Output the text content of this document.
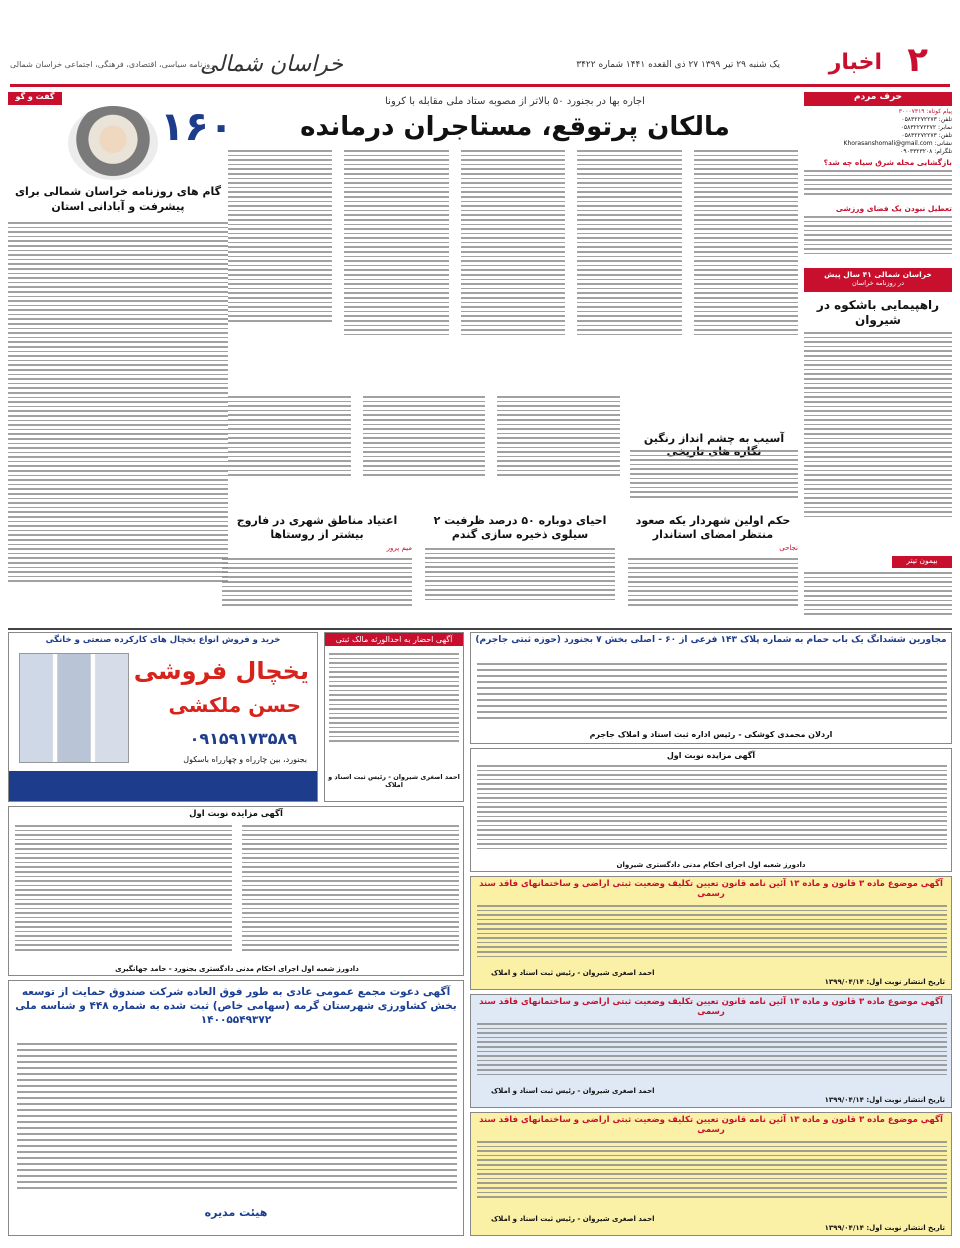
۲
اخبار
یک شنبه ۲۹ تیر ۱۳۹۹ ۲۷ ذی القعده ۱۴۴۱ شماره ۳۴۲۲
خراسان شمالی
روزنامه سیاسی، اقتصادی، فرهنگی، اجتماعی خراسان شمالی
حرف مردم
پیام کوتاه: ۳۰۰۰۷۳۱۹
تلفن: ۰۵۸۳۲۲۷۲۲۷۳
نمابر: ۰۵۸۳۲۲۷۲۲۷۲
تلفن: ۰۵۸۳۲۲۷۲۲۷۳
نشانی: Khorasanshomali@gmail.com
تلگرام: ۰۹۰۳۳۲۳۲۰۸
بازگشایی محله شرق سیاه چه شد؟
تعطیل نبودن یک فضای ورزشی
خراسان شمالی ۴۱ سال پیش
در روزنامه خراسان
راهپیمایی باشکوه در شیروان
بیمون تیتر
اجاره بها در بجنورد ۵۰ بالاتر از مصوبه ستاد ملی مقابله با کرونا
مالکان پرتوقع، مستاجران درمانده
آسیب به چشم انداز رنگین
گفت و گو
۱۶۰
گام های روزنامه خراسان شمالی برای پیشرفت و آبادانی استان
حکم اولین شهردار یکه صعود منتظر امضای استاندار
نجاحی
احیای دوباره ۵۰ درصد ظرفیت ۲ سیلوی ذخیره سازی گندم
اعتیاد مناطق شهری در فاروج بیشتر از روستاها
میم پرور
خرید و فروش انواع یخچال های کارکرده صنعتی و خانگی
یخچال فروشی
حسن ملکشی
۰۹۱۵۹۱۷۳۵۸۹
بجنورد، بین چارراه و چهارراه باسکول
آگهی احضار به احدالورثه مالک ثبتی
احمد اصغری شیروان - رئیس ثبت اسناد و املاک
مجاورین ششدانگ یک باب حمام به شماره پلاک ۱۴۳ فرعی از ۶۰ - اصلی بخش ۷ بجنورد (حوزه ثبتی جاجرم)
اردلان محمدی کوشکی - رئیس اداره ثبت اسناد و املاک جاجرم
آگهی مزایده نوبت اول
دادورز شعبه اول اجرای احکام مدنی دادگستری شیروان
آگهی مزایده نوبت اول
دادورز شعبه اول اجرای احکام مدنی دادگستری بجنورد - حامد جهانگیری
آگهی موضوع ماده ۳ قانون و ماده ۱۳ آئین نامه قانون تعیین تکلیف وضعیت ثبتی اراضی و ساختمانهای فاقد سند رسمی
تاریخ انتشار نوبت اول: ۱۳۹۹/۰۴/۱۴
احمد اصغری شیروان - رئیس ثبت اسناد و املاک
آگهی موضوع ماده ۳ قانون و ماده ۱۳ آئین نامه قانون تعیین تکلیف وضعیت ثبتی اراضی و ساختمانهای فاقد سند رسمی
تاریخ انتشار نوبت اول: ۱۳۹۹/۰۴/۱۴
احمد اصغری شیروان - رئیس ثبت اسناد و املاک
آگهی موضوع ماده ۳ قانون و ماده ۱۳ آئین نامه قانون تعیین تکلیف وضعیت ثبتی اراضی و ساختمانهای فاقد سند رسمی
تاریخ انتشار نوبت اول: ۱۳۹۹/۰۴/۱۴
احمد اصغری شیروان - رئیس ثبت اسناد و املاک
آگهی دعوت مجمع عمومی عادی به طور فوق العاده شرکت صندوق حمایت از توسعه بخش کشاورزی شهرستان گرمه (سهامی خاص) ثبت شده به شماره ۴۴۸ و شناسه ملی ۱۴۰۰۵۵۴۹۳۷۲
هیئت مدیره
